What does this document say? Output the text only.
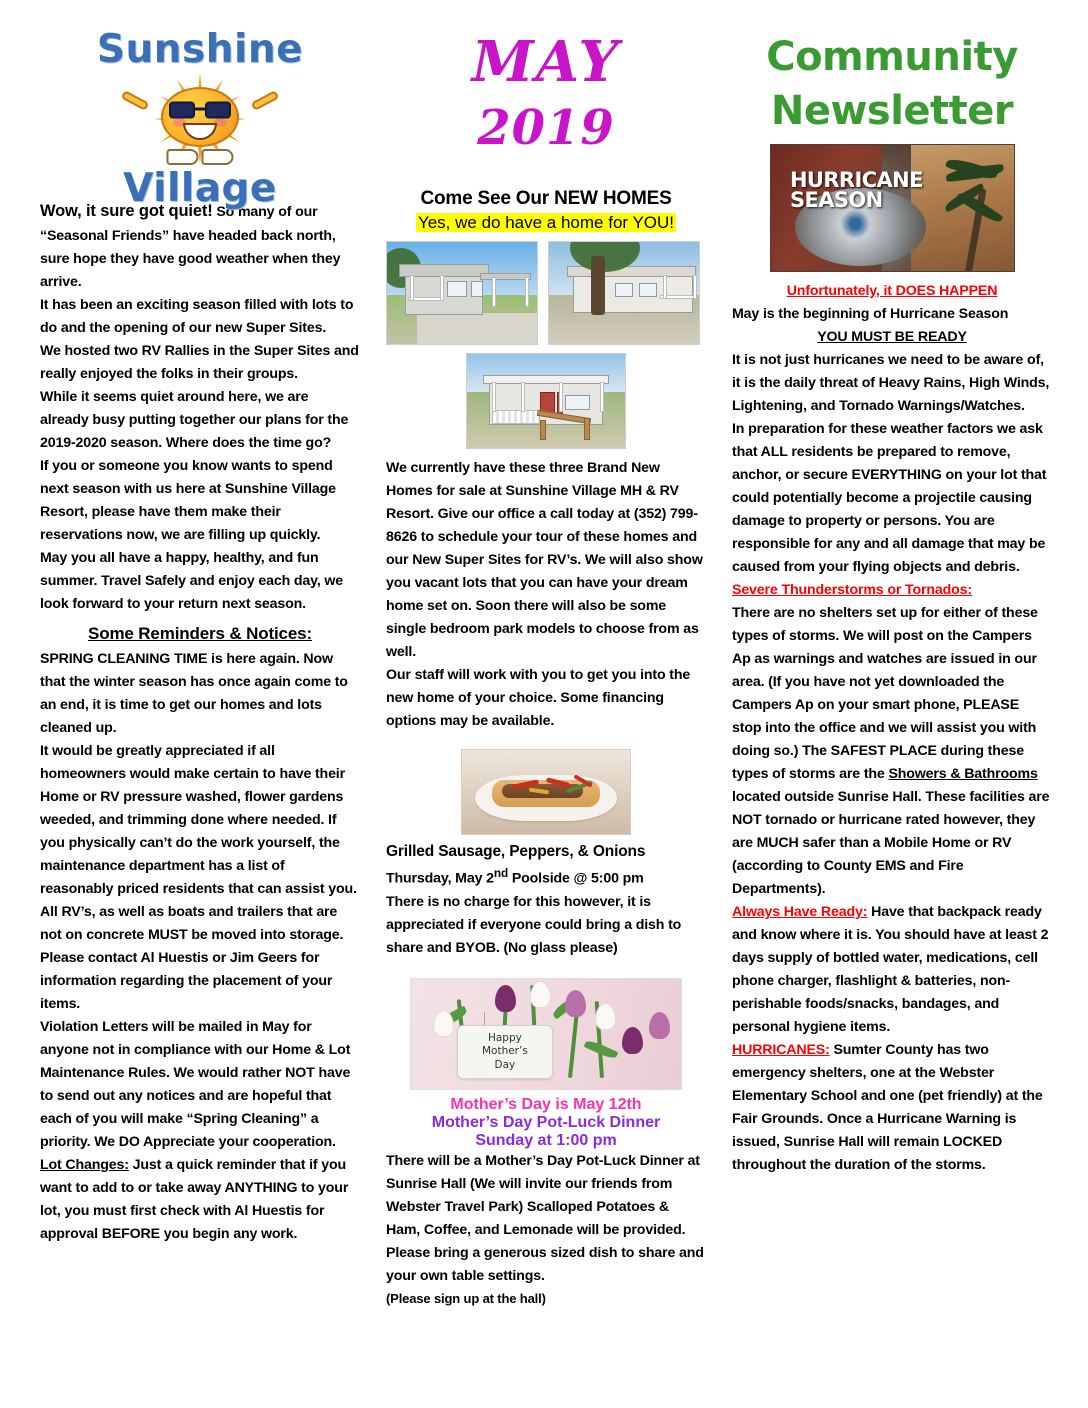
Sunshine
Village

Wow, it sure got quiet! So many of our “Seasonal Friends” have headed back north, sure hope they have good weather when they arrive.

It has been an exciting season filled with lots to do and the opening of our new Super Sites.

We hosted two RV Rallies in the Super Sites and really enjoyed the folks in their groups.

While it seems quiet around here, we are already busy putting together our plans for the 2019-2020 season. Where does the time go?

If you or someone you know wants to spend next season with us here at Sunshine Village Resort, please have them make their reservations now, we are filling up quickly.

May you all have a happy, healthy, and fun summer. Travel Safely and enjoy each day, we look forward to your return next season.

Some Reminders & Notices:

SPRING CLEANING TIME is here again. Now that the winter season has once again come to an end, it is time to get our homes and lots cleaned up.

It would be greatly appreciated if all homeowners would make certain to have their Home or RV pressure washed, flower gardens weeded, and trimming done where needed. If you physically can’t do the work yourself, the maintenance department has a list of reasonably priced residents that can assist you.

All RV’s, as well as boats and trailers that are not on concrete MUST be moved into storage. Please contact Al Huestis or Jim Geers for information regarding the placement of your items.

Violation Letters will be mailed in May for anyone not in compliance with our Home & Lot Maintenance Rules. We would rather NOT have to send out any notices and are hopeful that each of you will make “Spring Cleaning” a priority. We DO Appreciate your cooperation.

Lot Changes: Just a quick reminder that if you want to add to or take away ANYTHING to your lot, you must first check with Al Huestis for approval BEFORE you begin any work.

MAY
2019
Come See Our NEW HOMES
Yes, we do have a home for YOU!

We currently have these three Brand New Homes for sale at Sunshine Village MH & RV Resort. Give our office a call today at (352) 799-8626 to schedule your tour of these homes and our New Super Sites for RV’s. We will also show you vacant lots that you can have your dream home set on. Soon there will also be some single bedroom park models to choose from as well.

Our staff will work with you to get you into the new home of your choice. Some financing options may be available.

Grilled Sausage, Peppers, & Onions

Thursday, May 2nd Poolside @ 5:00 pm

There is no charge for this however, it is appreciated if everyone could bring a dish to share and BYOB. (No glass please)

Happy
Mother’s
Day
Mother’s Day is May 12th
Mother’s Day Pot-Luck Dinner
Sunday at 1:00 pm

There will be a Mother’s Day Pot-Luck Dinner at Sunrise Hall (We will invite our friends from Webster Travel Park) Scalloped Potatoes & Ham, Coffee, and Lemonade will be provided.

Please bring a generous sized dish to share and your own table settings.

(Please sign up at the hall)

Community
Newsletter
HURRICANE
SEASON

Unfortunately, it DOES HAPPEN

May is the beginning of Hurricane Season

YOU MUST BE READY

It is not just hurricanes we need to be aware of, it is the daily threat of Heavy Rains, High Winds, Lightening, and Tornado Warnings/Watches.

In preparation for these weather factors we ask that ALL residents be prepared to remove, anchor, or secure EVERYTHING on your lot that could potentially become a projectile causing damage to property or persons. You are responsible for any and all damage that may be caused from your flying objects and debris.

Severe Thunderstorms or Tornados:

There are no shelters set up for either of these types of storms. We will post on the Campers Ap as warnings and watches are issued in our area. (If you have not yet downloaded the Campers Ap on your smart phone, PLEASE stop into the office and we will assist you with doing so.) The SAFEST PLACE during these types of storms are the Showers & Bathrooms located outside Sunrise Hall. These facilities are NOT tornado or hurricane rated however, they are MUCH safer than a Mobile Home or RV (according to County EMS and Fire Departments).

Always Have Ready: Have that backpack ready and know where it is. You should have at least 2 days supply of bottled water, medications, cell phone charger, flashlight & batteries, non-perishable foods/snacks, bandages, and personal hygiene items.

HURRICANES: Sumter County has two emergency shelters, one at the Webster Elementary School and one (pet friendly) at the Fair Grounds. Once a Hurricane Warning is issued, Sunrise Hall will remain LOCKED throughout the duration of the storms.
